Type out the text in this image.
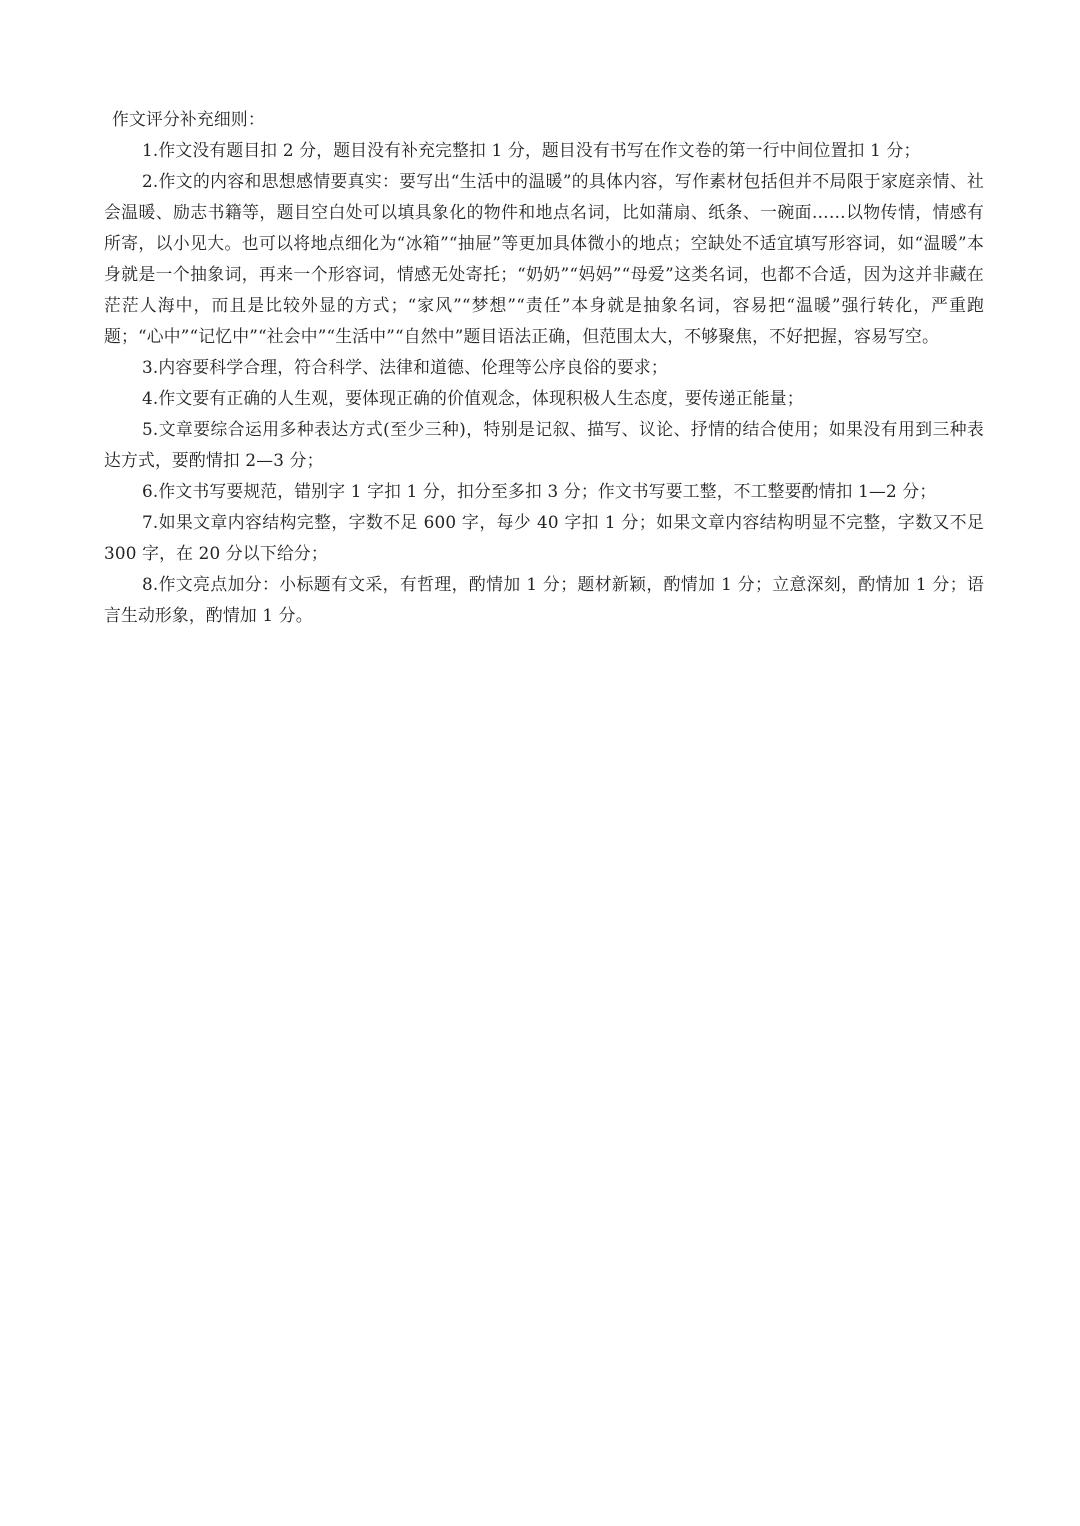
作文评分补充细则：

1.作文没有题目扣 2 分，题目没有补充完整扣 1 分，题目没有书写在作文卷的第一行中间位置扣 1 分；

2.作文的内容和思想感情要真实：要写出“生活中的温暖”的具体内容，写作素材包括但并不局限于家庭亲情、社会温暖、励志书籍等，题目空白处可以填具象化的物件和地点名词，比如蒲扇、纸条、一碗面……以物传情，情感有所寄，以小见大。也可以将地点细化为“冰箱”“抽屉”等更加具体微小的地点；空缺处不适宜填写形容词，如“温暖”本身就是一个抽象词，再来一个形容词，情感无处寄托；“奶奶”“妈妈”“母爱”这类名词，也都不合适，因为这并非藏在茫茫人海中，而且是比较外显的方式；“家风”“梦想”“责任”本身就是抽象名词，容易把“温暖”强行转化，严重跑题；“心中”“记忆中”“社会中”“生活中”“自然中”题目语法正确，但范围太大，不够聚焦，不好把握，容易写空。

3.内容要科学合理，符合科学、法律和道德、伦理等公序良俗的要求；

4.作文要有正确的人生观，要体现正确的价值观念，体现积极人生态度，要传递正能量；

5.文章要综合运用多种表达方式(至少三种)，特别是记叙、描写、议论、抒情的结合使用；如果没有用到三种表达方式，要酌情扣 2—3 分；

6.作文书写要规范，错别字 1 字扣 1 分，扣分至多扣 3 分；作文书写要工整，不工整要酌情扣 1—2 分；

7.如果文章内容结构完整，字数不足 600 字，每少 40 字扣 1 分；如果文章内容结构明显不完整，字数又不足 300 字，在 20 分以下给分；

8.作文亮点加分：小标题有文采，有哲理，酌情加 1 分；题材新颖，酌情加 1 分；立意深刻，酌情加 1 分；语言生动形象，酌情加 1 分。
